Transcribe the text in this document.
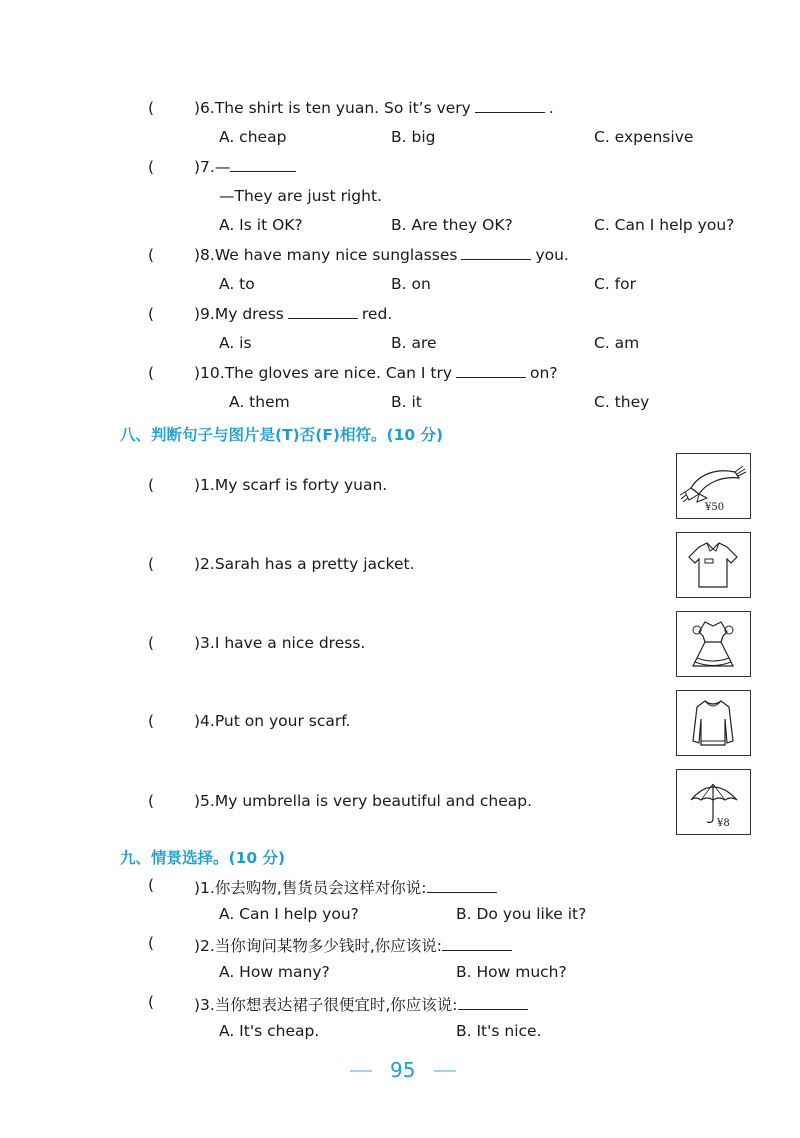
(	)6.The shirt is ten yuan. So it’s very	.
A. cheap	B. big	C. expensive
(	)7.—
—They are just right.
A. Is it OK?	B. Are they OK?	C. Can I help you?
(	)8.We have many nice sunglasses	you.
A. to	B. on	C. for
(	)9.My dress	red.
A. is	B. are	C. am
(	)10.The gloves are nice. Can I try	on?
A. them	B. it	C. they
八、判断句子与图片是(T)否(F)相符。(10 分)
(	)1.My scarf is forty yuan.
(	)2.Sarah has a pretty jacket.
(	)3.I have a nice dress.
(	)4.Put on your scarf.
(	)5.My umbrella is very beautiful and cheap.
¥50
¥8
九、情景选择。(10 分)
(	)1.你去购物,售货员会这样对你说:
A. Can I help you?	B. Do you like it?
(	)2.当你询问某物多少钱时,你应该说:
A. How many?	B. How much?
(	)3.当你想表达裙子很便宜时,你应该说:
A. It's cheap.	B. It's nice.
95
